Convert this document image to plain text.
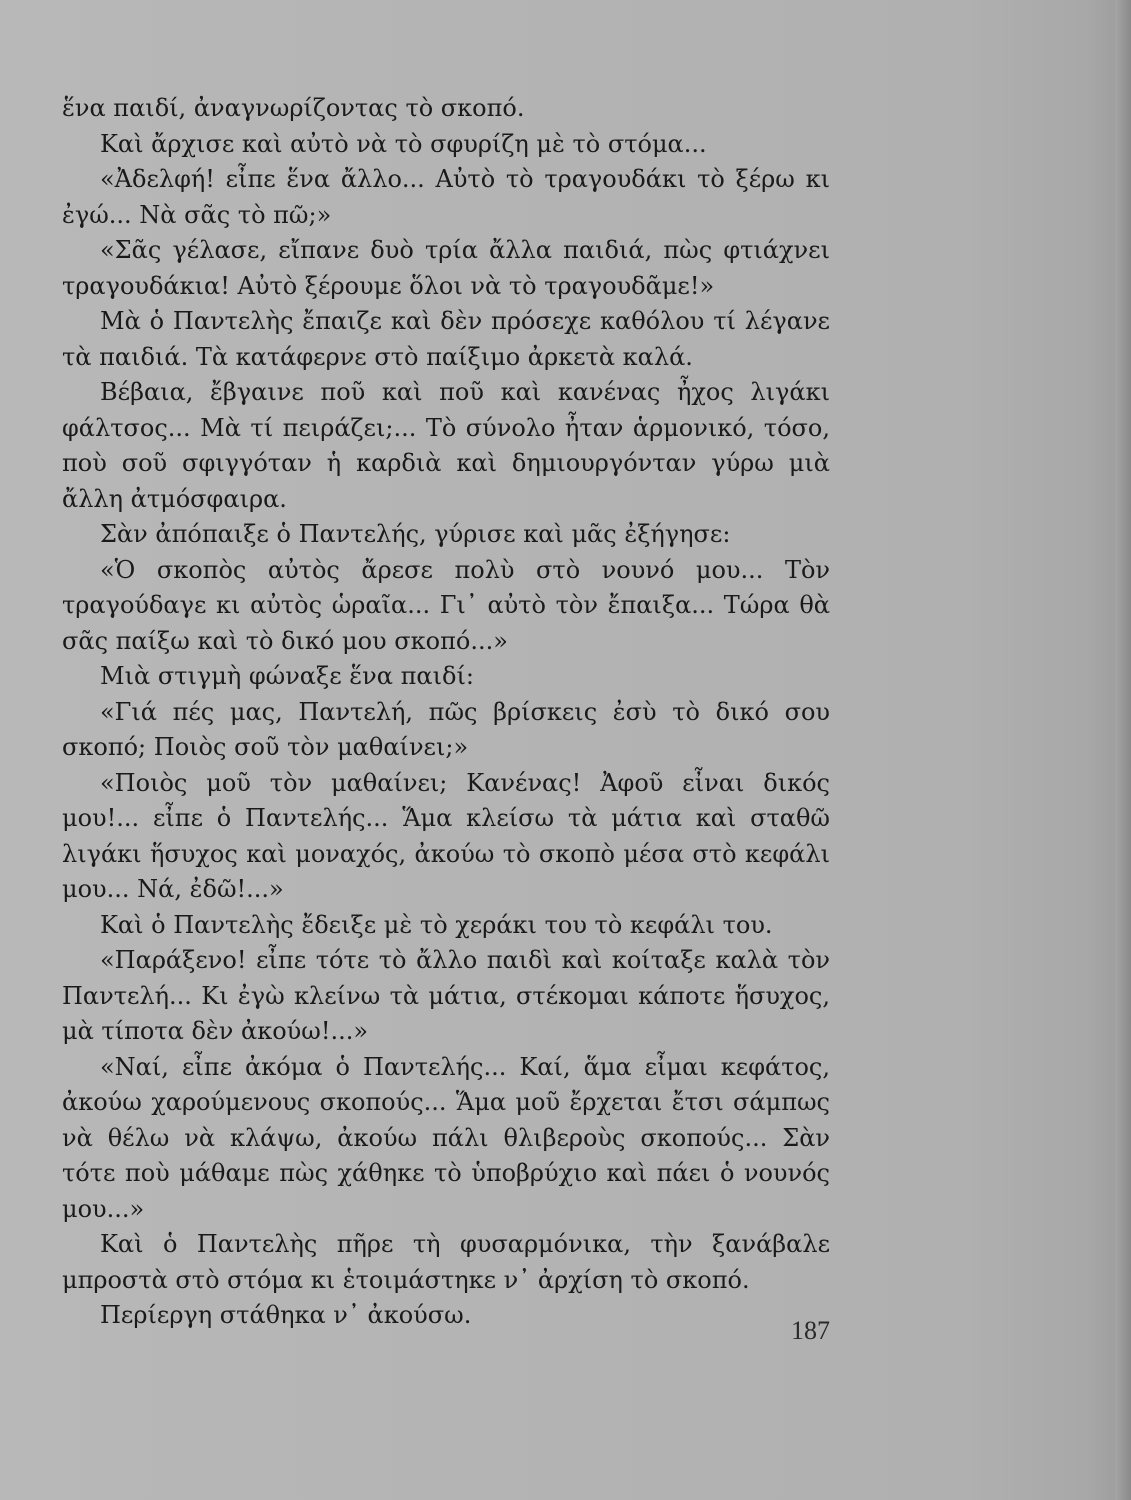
ἕνα παιδί, ἀναγνωρίζοντας τὸ σκοπό.

Καὶ ἄρχισε καὶ αὐτὸ νὰ τὸ σφυρίζη μὲ τὸ στόμα...

«Ἀδελφή! εἶπε ἕνα ἄλλο... Αὐτὸ τὸ τραγουδάκι τὸ ξέρω κι ἐγώ... Νὰ σᾶς τὸ πῶ;»

«Σᾶς γέλασε, εἴπανε δυὸ τρία ἄλλα παιδιά, πὼς φτιάχνει τραγουδάκια! Αὐτὸ ξέρουμε ὅλοι νὰ τὸ τραγουδᾶμε!»

Μὰ ὁ Παντελὴς ἔπαιζε καὶ δὲν πρόσεχε καθόλου τί λέγανε τὰ παιδιά. Τὰ κατάφερνε στὸ παίξιμο ἀρκετὰ καλά.

Βέβαια, ἔβγαινε ποῦ καὶ ποῦ καὶ κανένας ἦχος λιγάκι φάλτσος... Μὰ τί πειράζει;... Τὸ σύνολο ἦταν ἁρμονικό, τόσο, ποὺ σοῦ σφιγγόταν ἡ καρδιὰ καὶ δημιουργόνταν γύρω μιὰ ἄλλη ἀτμόσφαιρα.

Σὰν ἀπόπαιξε ὁ Παντελής, γύρισε καὶ μᾶς ἐξήγησε:

«Ὁ σκοπὸς αὐτὸς ἄρεσε πολὺ στὸ νουνό μου... Τὸν τραγούδαγε κι αὐτὸς ὡραῖα... Γι᾽ αὐτὸ τὸν ἔπαιξα... Τώρα θὰ σᾶς παίξω καὶ τὸ δικό μου σκοπό...»

Μιὰ στιγμὴ φώναξε ἕνα παιδί:

«Γιά πές μας, Παντελή, πῶς βρίσκεις ἐσὺ τὸ δικό σου σκοπό; Ποιὸς σοῦ τὸν μαθαίνει;»

«Ποιὸς μοῦ τὸν μαθαίνει; Κανένας! Ἀφοῦ εἶναι δικός μου!... εἶπε ὁ Παντελής... Ἅμα κλείσω τὰ μάτια καὶ σταθῶ λιγάκι ἥσυχος καὶ μοναχός, ἀκούω τὸ σκοπὸ μέσα στὸ κεφάλι μου... Νά, ἐδῶ!...»

Καὶ ὁ Παντελὴς ἔδειξε μὲ τὸ χεράκι του τὸ κεφάλι του.

«Παράξενο! εἶπε τότε τὸ ἄλλο παιδὶ καὶ κοίταξε καλὰ τὸν Παντελή... Κι ἐγὼ κλείνω τὰ μάτια, στέκομαι κάποτε ἥσυχος, μὰ τίποτα δὲν ἀκούω!...»

«Ναί, εἶπε ἀκόμα ὁ Παντελής... Καί, ἅμα εἶμαι κεφάτος, ἀκούω χαρούμενους σκοπούς... Ἅμα μοῦ ἔρχεται ἔτσι σάμπως νὰ θέλω νὰ κλάψω, ἀκούω πάλι θλιβεροὺς σκοπούς... Σὰν τότε ποὺ μάθαμε πὼς χάθηκε τὸ ὑποβρύχιο καὶ πάει ὁ νουνός μου...»

Καὶ ὁ Παντελὴς πῆρε τὴ φυσαρμόνικα, τὴν ξανάβαλε μπροστὰ στὸ στόμα κι ἑτοιμάστηκε ν᾽ ἀρχίση τὸ σκοπό.

Περίεργη στάθηκα ν᾽ ἀκούσω.

187
